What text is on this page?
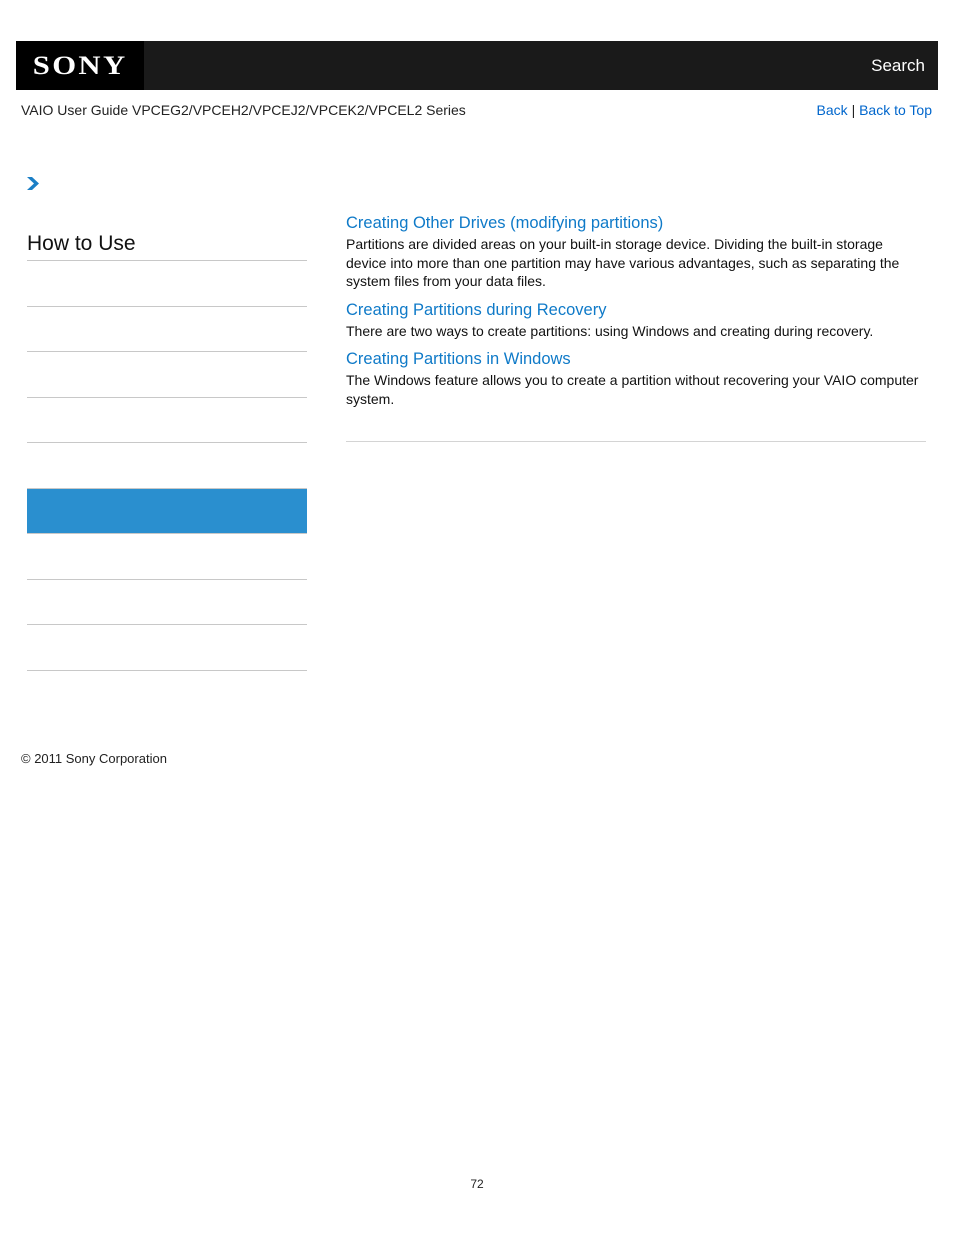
SONY	Search
VAIO User Guide VPCEG2/VPCEH2/VPCEJ2/VPCEK2/VPCEL2 Series	Back | Back to Top
How to Use
Creating Other Drives (modifying partitions)

Partitions are divided areas on your built-in storage device. Dividing the built-in storage device into more than one partition may have various advantages, such as separating the system files from your data files.

Creating Partitions during Recovery

There are two ways to create partitions: using Windows and creating during recovery.

Creating Partitions in Windows

The Windows feature allows you to create a partition without recovering your VAIO computer system.

© 2011 Sony Corporation
72
